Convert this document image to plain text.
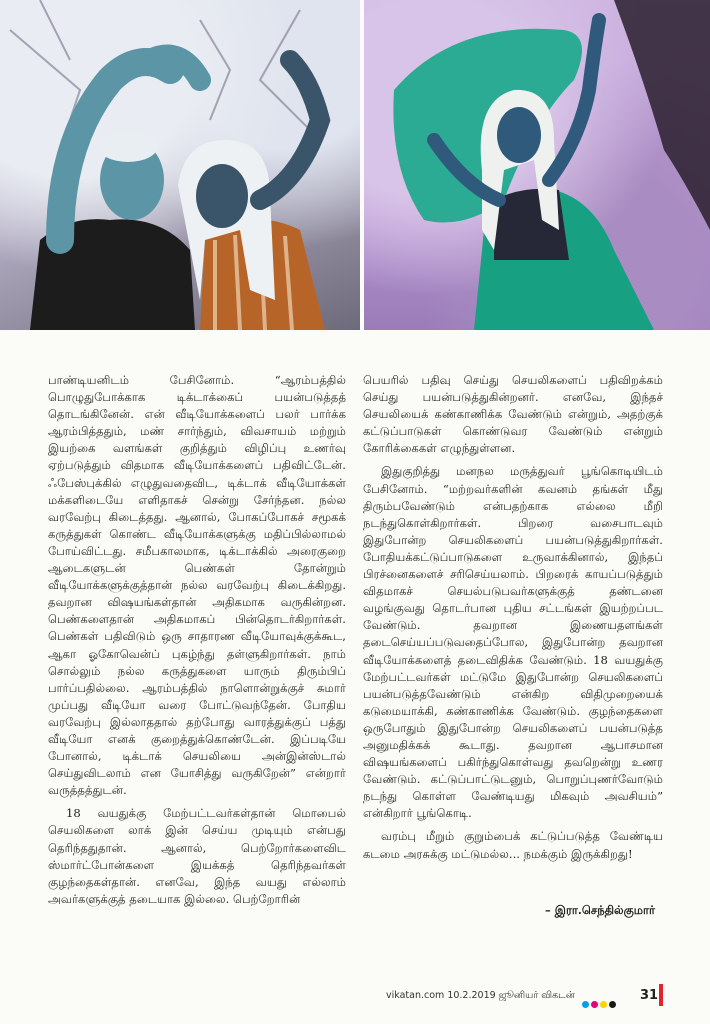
பாண்டியனிடம் பேசினோம். “ஆரம்பத்தில் பொழுதுபோக்காக டிக்டாக்கைப் பயன்படுத்தத் தொடங்கினேன். என் வீடியோக்களைப் பலர் பார்க்க ஆரம்பித்ததும், மண் சார்ந்தும், விவசாயம் மற்றும் இயற்கை வளங்கள் குறித்தும் விழிப்பு உணர்வு ஏற்படுத்தும் விதமாக வீடியோக்களைப் பதிவிட்டேன். ஃபேஸ்புக்கில் எழுதுவதைவிட, டிக்டாக் வீடியோக்கள் மக்களிடையே எளிதாகச் சென்று சேர்ந்தன. நல்ல வரவேற்பு கிடைத்தது. ஆனால், போகப்போகச் சமூகக் கருத்துகள் கொண்ட வீடியோக்களுக்கு மதிப்பில்லாமல் போய்விட்டது. சமீபகாலமாக, டிக்டாக்கில் அரைகுறை ஆடைகளுடன் பெண்கள் தோன்றும் வீடியோக்களுக்குத்தான் நல்ல வரவேற்பு கிடைக்கிறது. தவறான விஷயங்கள்தான் அதிகமாக வருகின்றன. பெண்களைதான் அதிகமாகப் பின்தொடர்கிறார்கள். பெண்கள் பதிவிடும் ஒரு சாதாரண வீடியோவுக்குக்கூட, ஆகா ஓகோவென்ப் புகழ்ந்து தள்ளுகிறார்கள். நாம் சொல்லும் நல்ல கருத்துகளை யாரும் திரும்பிப் பார்ப்பதில்லை. ஆரம்பத்தில் நாளொன்றுக்குச் சுமார் முப்பது வீடியோ வரை போட்டுவந்தேன். போதிய வரவேற்பு இல்லாததால் தற்போது வாரத்துக்குப் பத்து வீடியோ எனக் குறைத்துக்கொண்டேன். இப்படியே போனால், டிக்டாக் செயலியை அன்இன்ஸ்டால் செய்துவிடலாம் என யோசித்து வருகிறேன்” என்றார் வருத்தத்துடன்.

18 வயதுக்கு மேற்பட்டவர்கள்தான் மொபைல் செயலிகளை லாக் இன் செய்ய முடியும் என்பது தெரிந்ததுதான். ஆனால், பெற்றோர்களைவிட ஸ்மார்ட்போன்களை இயக்கத் தெரிந்தவர்கள் குழந்தைகள்தான். எனவே, இந்த வயது எல்லாம் அவர்களுக்குத் தடையாக இல்லை. பெற்றோரின்

பெயரில் பதிவு செய்து செயலிகளைப் பதிவிறக்கம் செய்து பயன்படுத்துகின்றனர். எனவே, இந்தச் செயலியைக் கண்காணிக்க வேண்டும் என்றும், அதற்குக் கட்டுப்பாடுகள் கொண்டுவர வேண்டும் என்றும் கோரிக்கைகள் எழுந்துள்ளன.

இதுகுறித்து மனநல மருத்துவர் பூங்கொடியிடம் பேசினோம். “மற்றவர்களின் கவனம் தங்கள் மீது திரும்பவேண்டும் என்பதற்காக எல்லை மீறி நடந்துகொள்கிறார்கள். பிறரை வசைபாடவும் இதுபோன்ற செயலிகளைப் பயன்படுத்துகிறார்கள். போதியக்கட்டுப்பாடுகளை உருவாக்கினால், இந்தப் பிரச்னைகளைச் சரிசெய்யலாம். பிறரைக் காயப்படுத்தும் விதமாகச் செயல்படுபவர்களுக்குத் தண்டனை வழங்குவது தொடர்பான புதிய சட்டங்கள் இயற்றப்பட வேண்டும். தவறான இணையதளங்கள் தடைசெய்யப்படுவதைப்போல, இதுபோன்ற தவறான வீடியோக்களைத் தடைவிதிக்க வேண்டும். 18 வயதுக்கு மேற்பட்டவர்கள் மட்டுமே இதுபோன்ற செயலிகளைப் பயன்படுத்தவேண்டும் என்கிற விதிமுறையைக் கடுமையாக்கி, கண்காணிக்க வேண்டும். குழந்தைகளை ஒருபோதும் இதுபோன்ற செயலிகளைப் பயன்படுத்த அனுமதிக்கக் கூடாது. தவறான ஆபாசமான விஷயங்களைப் பகிர்ந்துகொள்வது தவறென்று உணர வேண்டும். கட்டுப்பாட்டுடனும், பொறுப்புணர்வோடும் நடந்து கொள்ள வேண்டியது மிகவும் அவசியம்” என்கிறார் பூங்கொடி.

வரம்பு மீறும் குறும்பைக் கட்டுப்படுத்த வேண்டிய கடமை அரசுக்கு மட்டுமல்ல... நமக்கும் இருக்கிறது!

– இரா.செந்தில்குமார்
vikatan.com 10.2.2019 ஜூனியர் விகடன்	31
